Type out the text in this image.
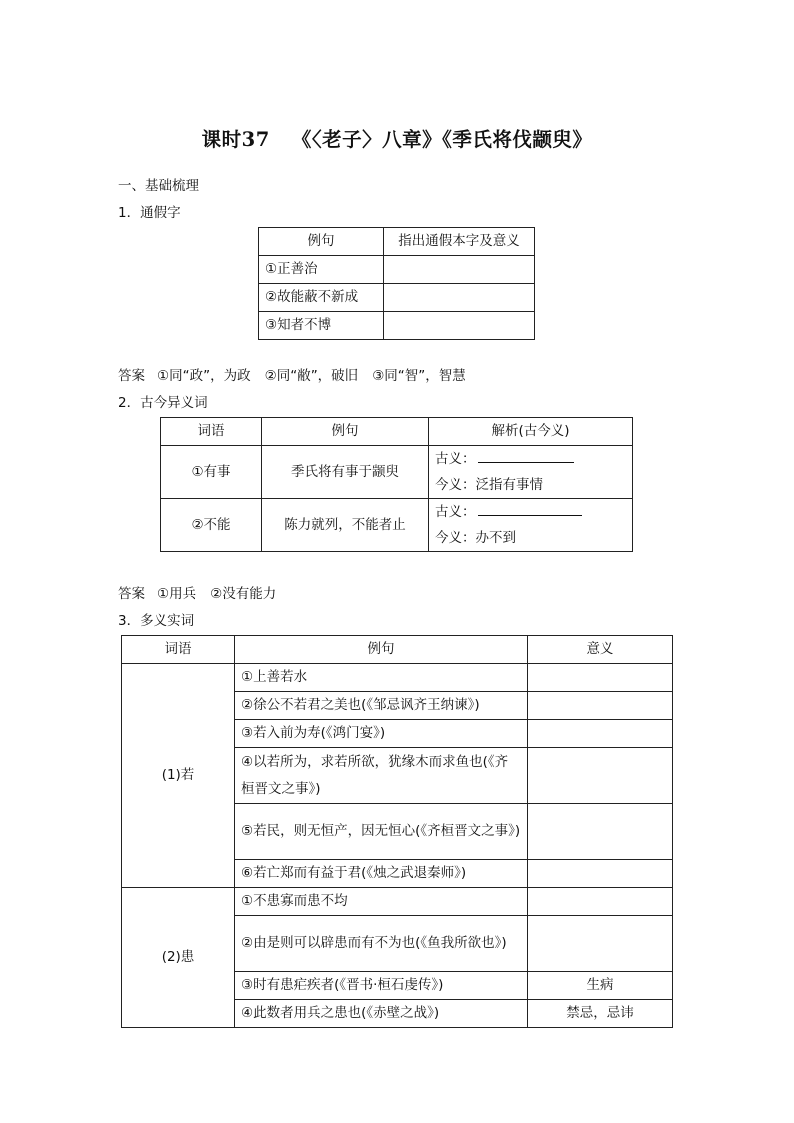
课时37 《〈老子〉八章》《季氏将伐颛臾》
一、基础梳理
1．通假字
例句	指出通假本字及意义
①正善治	
②故能蔽不新成	
③知者不博	
答案 ①同“政”，为政 ②同“敝”，破旧 ③同“智”，智慧
2．古今异义词
词语	例句	解析(古今义)
①有事	季氏将有事于颛臾	古义：
今义：泛指有事情

②不能	陈力就列，不能者止	古义：
今义：办不到
答案 ①用兵 ②没有能力
3．多义实词
词语	例句	意义
(1)若	①上善若水	
	②徐公不若君之美也(《邹忌讽齐王纳谏》)	
	③若入前为寿(《鸿门宴》)	
	④以若所为，求若所欲，犹缘木而求鱼也(《齐桓晋文之事》)	
	⑤若民，则无恒产，因无恒心(《齐桓晋文之事》)	
	⑥若亡郑而有益于君(《烛之武退秦师》)	
(2)患	①不患寡而患不均	
	②由是则可以辟患而有不为也(《鱼我所欲也》)	
	③时有患疟疾者(《晋书·桓石虔传》)	生病
	④此数者用兵之患也(《赤壁之战》)	禁忌，忌讳
